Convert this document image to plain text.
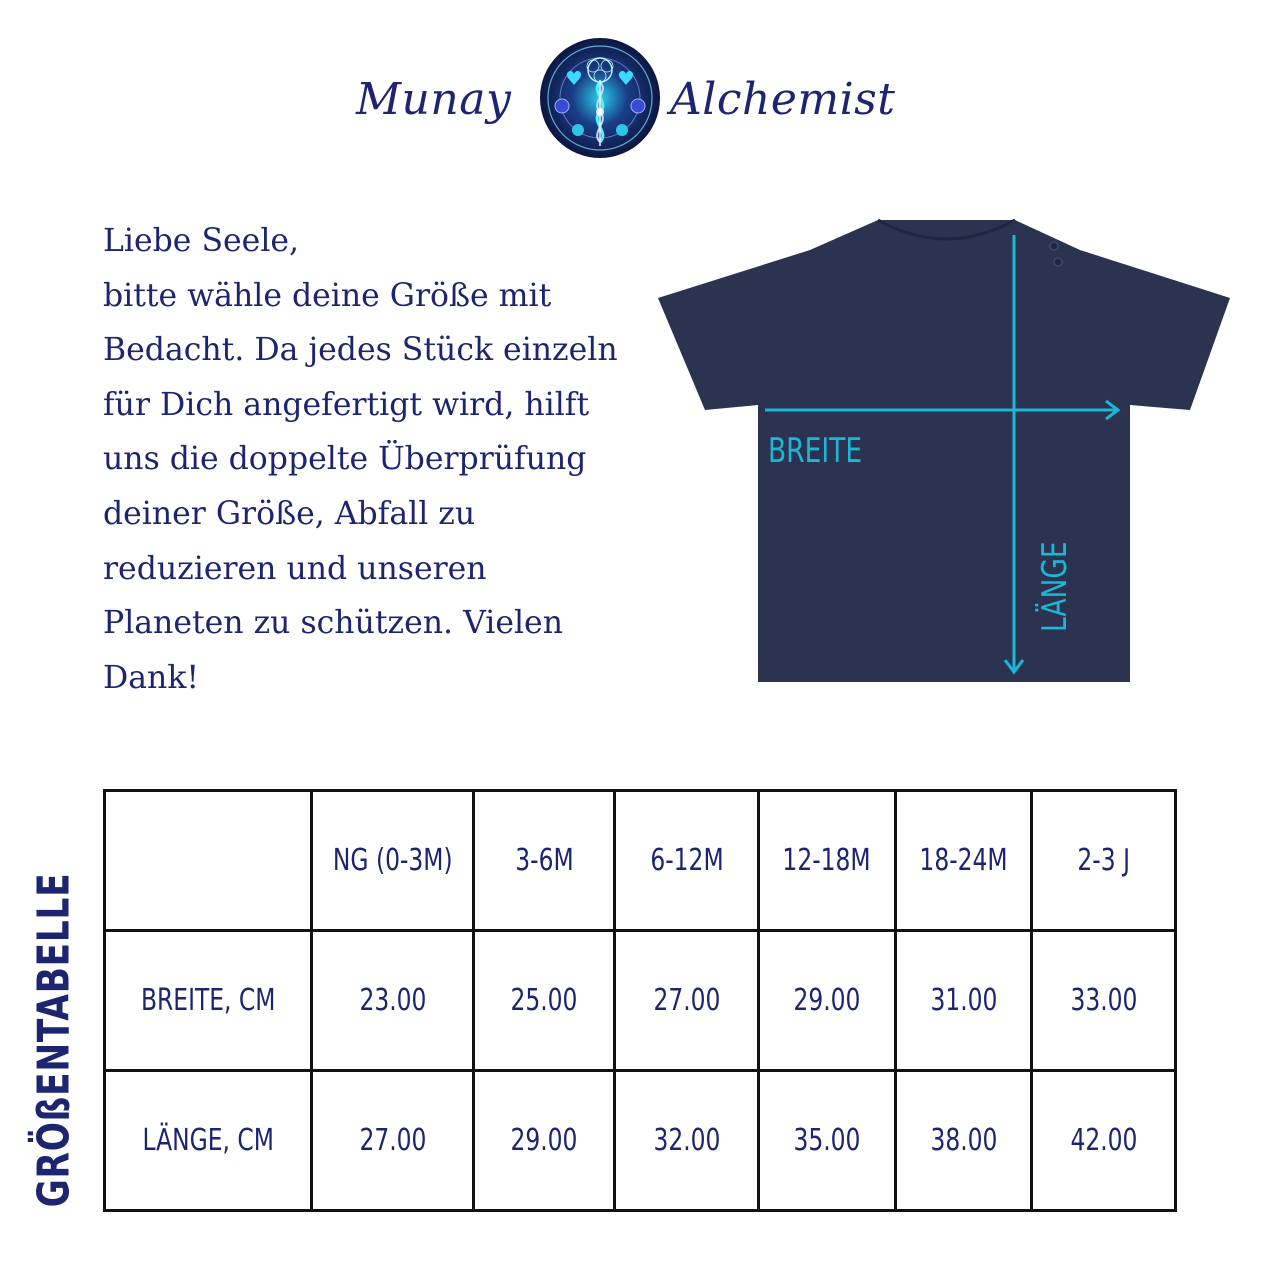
Munay	Alchemist
Liebe Seele,
bitte wähle deine Größe mit
Bedacht. Da jedes Stück einzeln
für Dich angefertigt wird, hilft
uns die doppelte Überprüfung
deiner Größe, Abfall zu
reduzieren und unseren
Planeten zu schützen. Vielen
Dank!
BREITE
LÄNGE
GRÖßENTABELLE
	NG (0-3M)	3-6M	6-12M	12-18M	18-24M	2-3 J
BREITE, CM	23.00	25.00	27.00	29.00	31.00	33.00
LÄNGE, CM	27.00	29.00	32.00	35.00	38.00	42.00
